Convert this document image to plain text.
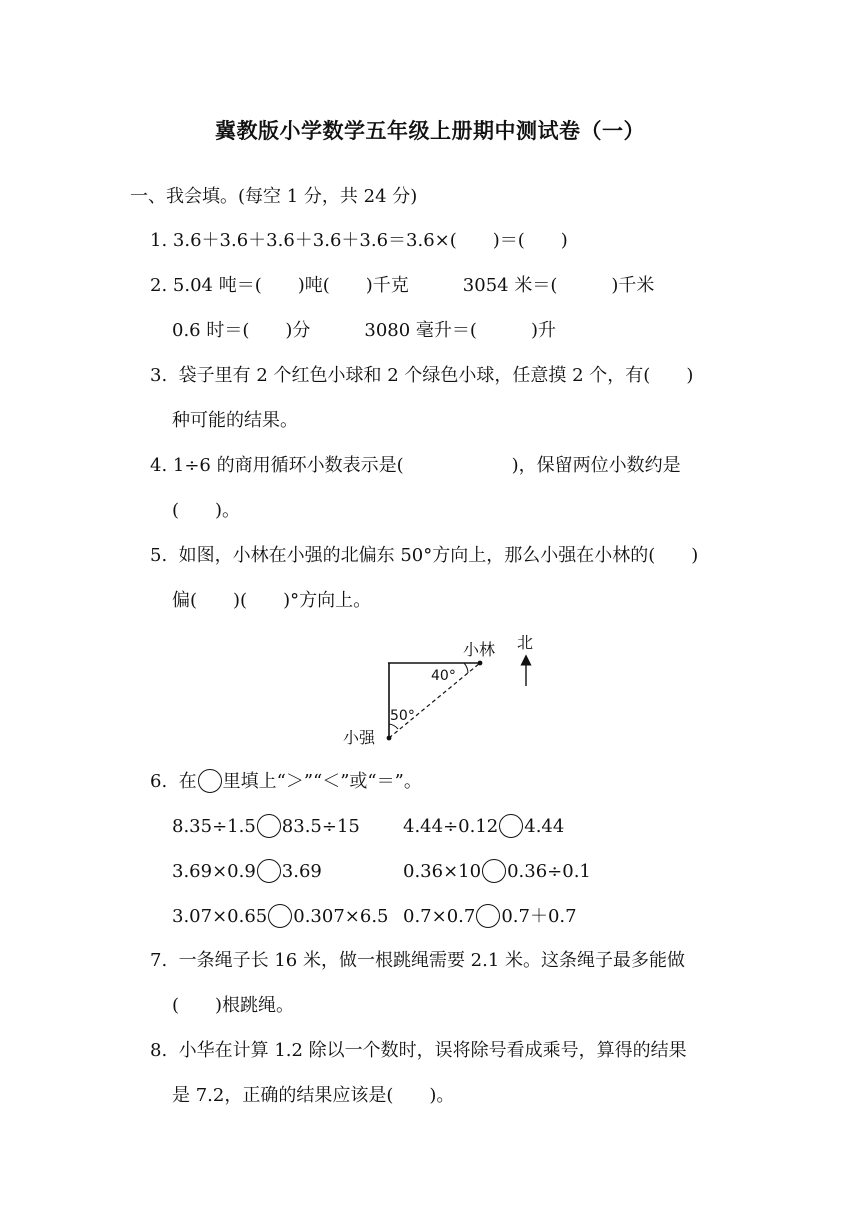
冀教版小学数学五年级上册期中测试卷（一）
一、我会填。(每空 1 分，共 24 分)
1. 3.6＋3.6＋3.6＋3.6＋3.6＝3.6×(　　)＝(　　)
2. 5.04 吨＝(　　)吨(　　)千克　　　3054 米＝(　　　)千米
0.6 时＝(　　)分　　　3080 毫升＝(　　　)升
3.  袋子里有 2 个红色小球和 2 个绿色小球，任意摸 2 个，有(　　)
种可能的结果。
4. 1÷6 的商用循环小数表示是(　　　　　　)，保留两位小数约是
(　　)。
5.  如图，小林在小强的北偏东 50°方向上，那么小强在小林的(　　)
偏(　　)(　　)°方向上。
小林 北
40°
50°
小强
6.  在 里填上“＞”“＜”或“＝”。
8.35÷1.5 83.5÷15 4.44÷0.12 4.44
3.69×0.9 3.69	0.36×10 0.36÷0.1
3.07×0.65 0.307×6.5 0.7×0.7 0.7＋0.7
7.  一条绳子长 16 米，做一根跳绳需要 2.1 米。这条绳子最多能做
(　　)根跳绳。
8.  小华在计算 1.2 除以一个数时，误将除号看成乘号，算得的结果
是 7.2，正确的结果应该是(　　)。
